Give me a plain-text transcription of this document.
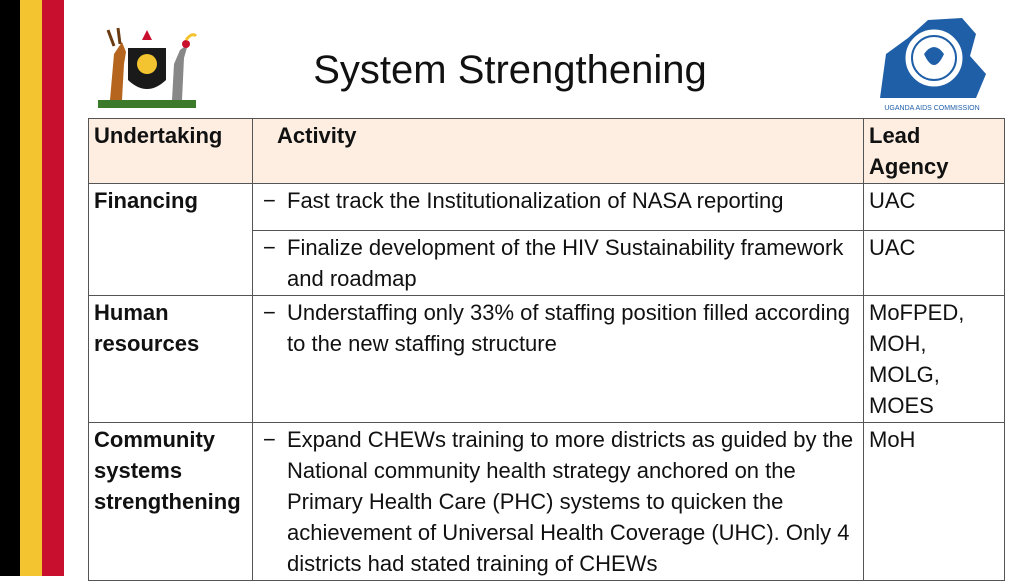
System Strengthening
UGANDA AIDS COMMISSION
Undertaking	Activity	Lead Agency
Financing	− Fast track the Institutionalization of NASA reporting	UAC

	− Finalize development of the HIV Sustainability framework and roadmap	UAC
Human resources	− Understaffing only 33% of staffing position filled according to the new staffing structure	MoFPED, MOH, MOLG, MOES
Community systems strengthening	− Expand CHEWs training to more districts as guided by the National community health strategy anchored on the Primary Health Care (PHC) systems to quicken the achievement of Universal Health Coverage (UHC). Only 4 districts had stated training of CHEWs	MoH
